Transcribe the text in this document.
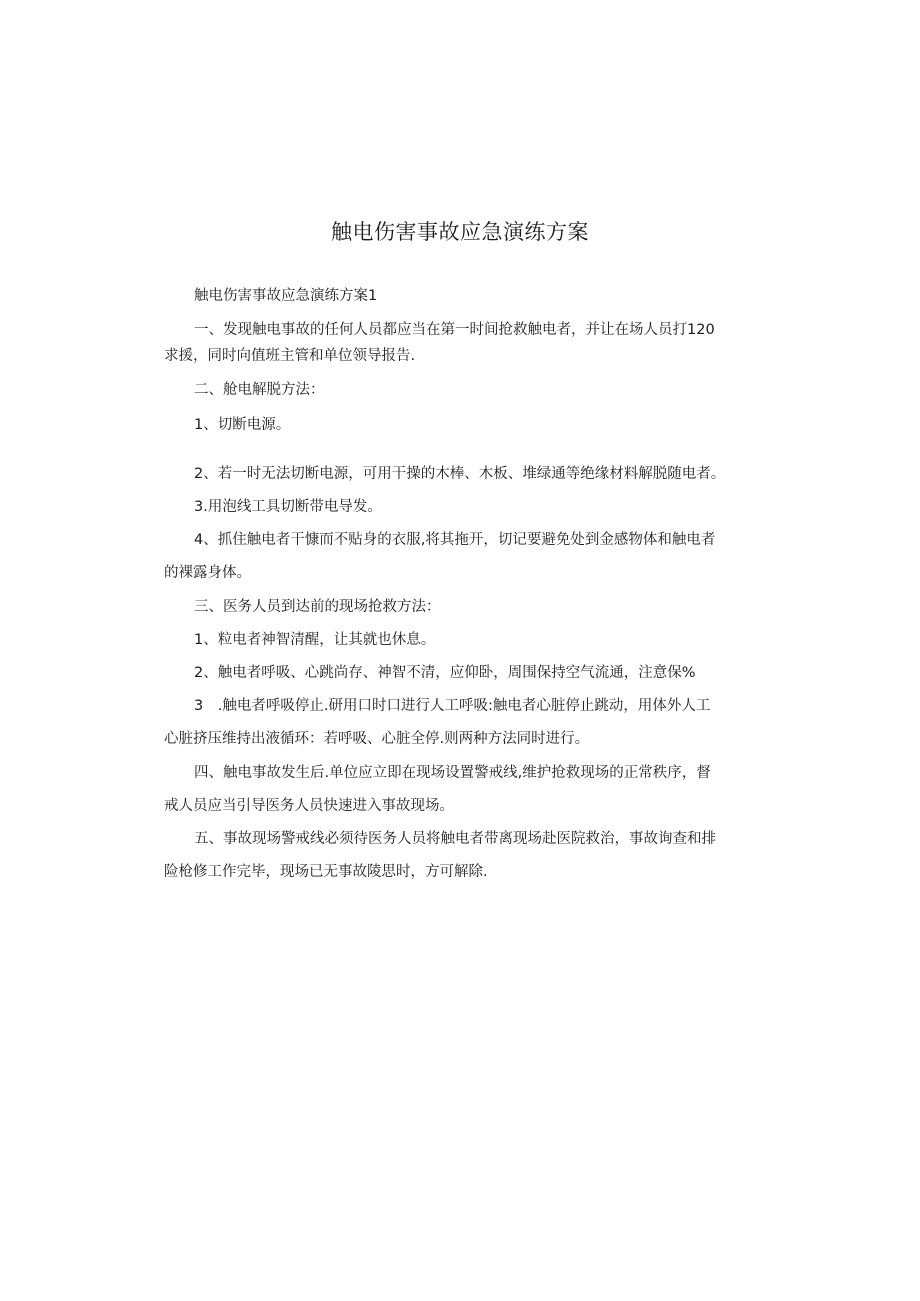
触电伤害事故应急演练方案

触电伤害事故应急演练方案1

一、发现触电事故的任何人员都应当在第一时间抢救触电者，并让在场人员打120

求援，同时向值班主管和单位领导报告.

二、舱电解脱方法：

1、切断电源。

2、若一时无法切断电源，可用干操的木棒、木板、堆绿通等绝缘材料解脱随电者。

3.用泡线工具切断带电导发。

4、抓住触电者干慷而不贴身的衣服,将其拖开，切记要避免处到金感物体和触电者

的裸露身体。

三、医务人员到达前的现场抢救方法：

1、粒电者神智清醒，让其就也休息。

2、触电者呼吸、心跳尚存、神智不清，应仰卧，周围保持空气流通，注意保%

3　.触电者呼吸停止.研用口时口进行人工呼吸:触电者心脏停止跳动，用体外人工

心脏挤压维持出液循环：若呼吸、心脏全停.则两种方法同时进行。

四、触电事故发生后.单位应立即在现场设置警戒线,维护抢救现场的正常秩序，督

戒人员应当引导医务人员快速进入事故现场。

五、事故现场警戒线必须待医务人员将触电者带离现场赴医院救治，事故询查和排

险枪修工作完毕，现场已无事故陵思时，方可解除.
